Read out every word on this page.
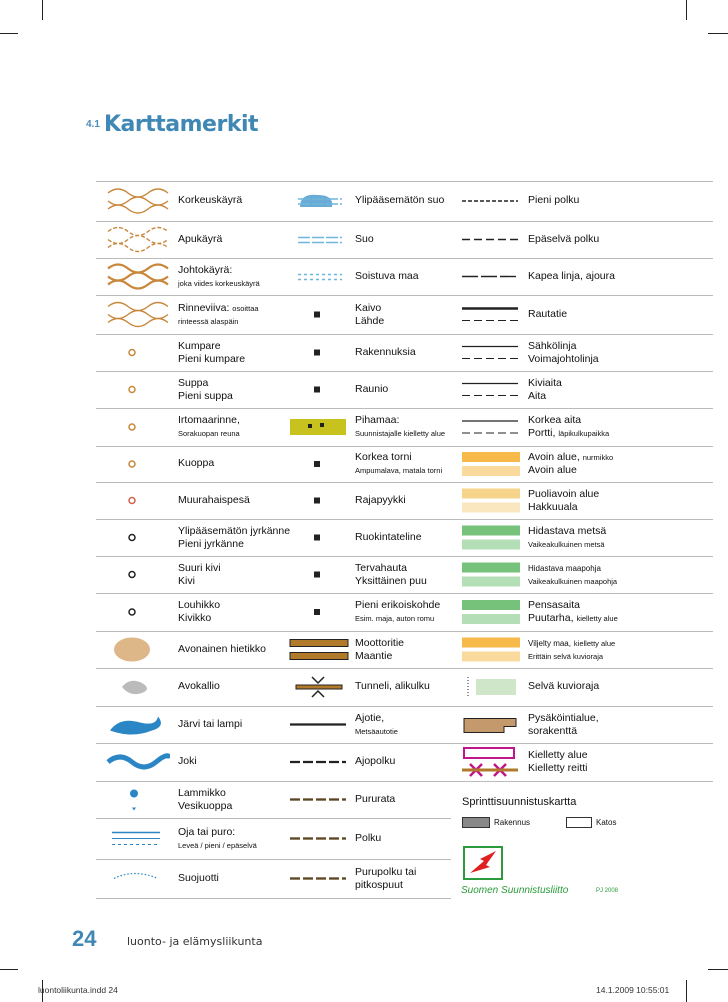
4.1 Karttamerkit
Korkeuskäyrä
Apukäyrä
Johtokäyrä:
joka viides korkeuskäyrä
Rinneviiva: osoittaa
rinteessä alaspäin
Kumpare
Pieni kumpare
Suppa
Pieni suppa
Irtomaarinne,
Sorakuopan reuna
Kuoppa
Muurahaispesä
Ylipääsemätön jyrkänne
Pieni jyrkänne
Suuri kivi
Kivi
Louhikko
Kivikko
Avonainen hietikko
Avokallio
Järvi tai lampi
Joki
Lammikko
Vesikuoppa
Oja tai puro:
Leveä / pieni / epäselvä
Suojuotti
Ylipääsemätön suo
Suo
Soistuva maa
Kaivo
Lähde
Rakennuksia
Raunio
Pihamaa:
Suunnistajalle kielletty alue
Korkea torni
Ampumalava, matala torni
Rajapyykki
Ruokintateline
Tervahauta
Yksittäinen puu
Pieni erikoiskohde
Esim. maja, auton romu
Moottoritie
Maantie
Tunneli, alikulku
Ajotie,
Metsäautotie
Ajopolku
Pururata
Polku
Purupolku tai
pitkospuut
Pieni polku
Epäselvä polku
Kapea linja, ajoura
Rautatie
Sähkölinja
Voimajohtolinja
Kiviaita
Aita
Korkea aita
Portti, läpikulkupaikka
Avoin alue, nurmikko
Avoin alue
Puoliavoin alue
Hakkuuala
Hidastava metsä
Vaikeakulkuinen metsä
Hidastava maapohja
Vaikeakulkuinen maapohja
Pensasaita
Puutarha, kielletty alue
Viljelty maa, kielletty alue
Erittäin selvä kuvioraja
Selvä kuvioraja
Pysäköintialue,
sorakenttä
Kielletty alue
Kielletty reitti
Sprinttisuunnistuskartta
Rakennus	Katos
Suomen Suunnistusliitto	PJ 2008
24	luonto- ja elämysliikunta
luontoliikunta.indd 24	14.1.2009 10:55:01
